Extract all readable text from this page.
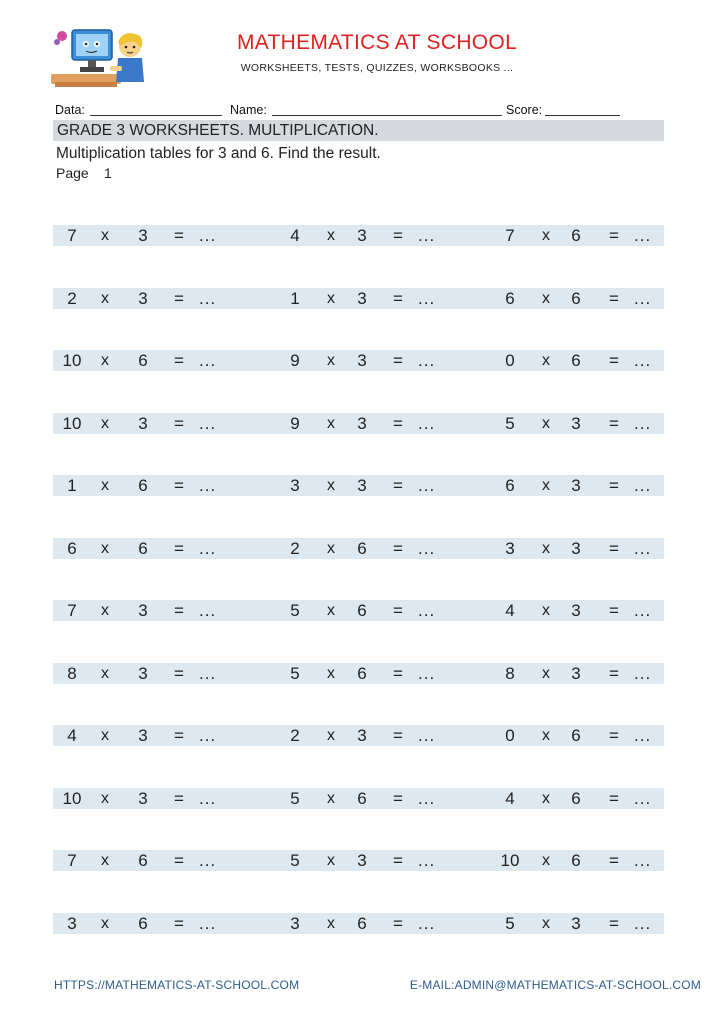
MATHEMATICS AT SCHOOL
WORKSHEETS, TESTS, QUIZZES, WORKSBOOKS ...
Data:	Name:	Score:
GRADE 3 WORKSHEETS. MULTIPLICATION.
Multiplication tables for 3 and 6. Find the result.
Page 1
7	x	3	= ...	4	x	3	= ...	7	x	6	= ...
2	x	3	= ...	1	x	3	= ...	6	x	6	= ...
10	x	6	= ...	9	x	3	= ...	0	x	6	= ...
10	x	3	= ...	9	x	3	= ...	5	x	3	= ...
1	x	6	= ...	3	x	3	= ...	6	x	3	= ...
6	x	6	= ...	2	x	6	= ...	3	x	3	= ...
7	x	3	= ...	5	x	6	= ...	4	x	3	= ...
8	x	3	= ...	5	x	6	= ...	8	x	3	= ...
4	x	3	= ...	2	x	3	= ...	0	x	6	= ...
10	x	3	= ...	5	x	6	= ...	4	x	6	= ...
7	x	6	= ...	5	x	3	= ...	10	x	6	= ...
3	x	6	= ...	3	x	6	= ...	5	x	3	= ...
HTTPS://MATHEMATICS-AT-SCHOOL.COM	E-MAIL:ADMIN@MATHEMATICS-AT-SCHOOL.COM
